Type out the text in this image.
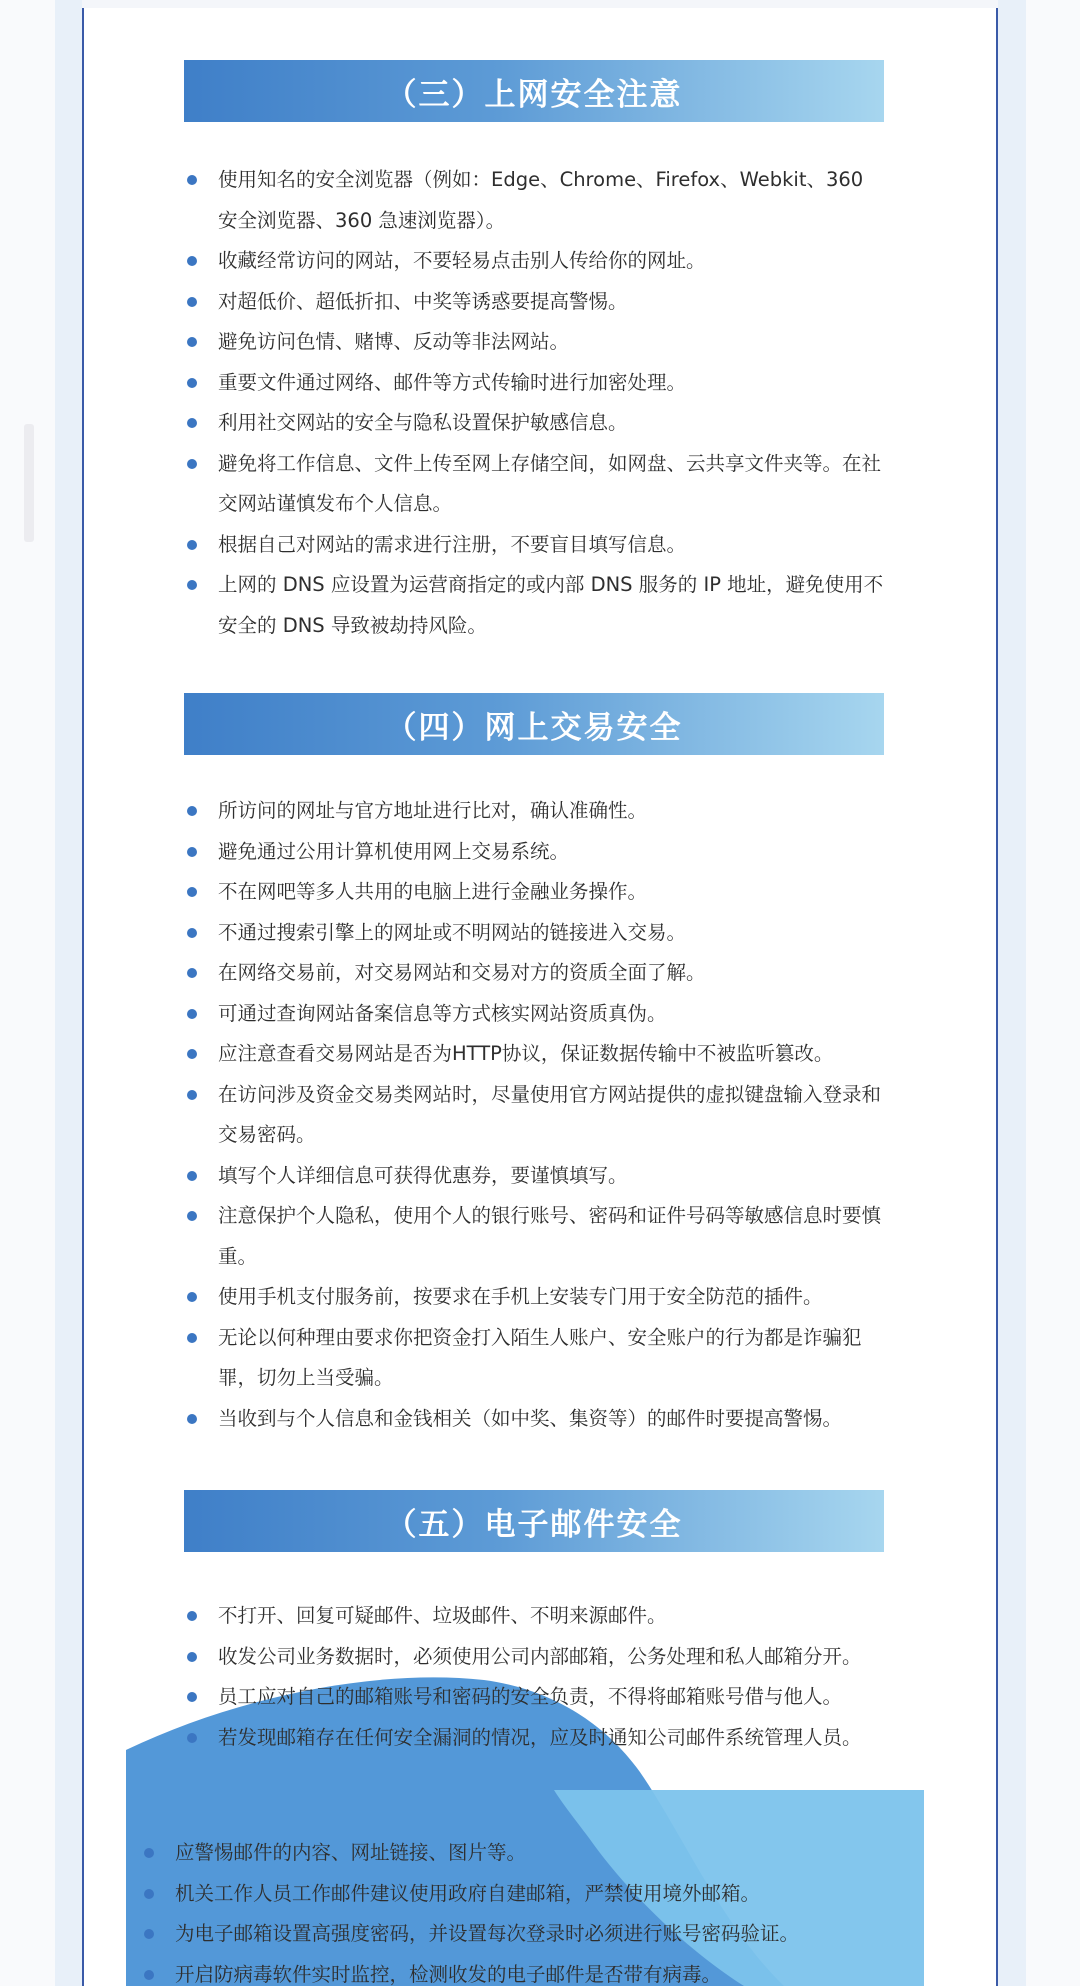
（三）上网安全注意
使用知名的安全浏览器（例如：Edge、Chrome、Firefox、Webkit、360 安全浏览器、360 急速浏览器）。
收藏经常访问的网站，不要轻易点击别人传给你的网址。
对超低价、超低折扣、中奖等诱惑要提高警惕。
避免访问色情、赌博、反动等非法网站。
重要文件通过网络、邮件等方式传输时进行加密处理。
利用社交网站的安全与隐私设置保护敏感信息。
避免将工作信息、文件上传至网上存储空间，如网盘、云共享文件夹等。在社交网站谨慎发布个人信息。
根据自己对网站的需求进行注册，不要盲目填写信息。
上网的 DNS 应设置为运营商指定的或内部 DNS 服务的 IP 地址，避免使用不安全的 DNS 导致被劫持风险。
（四）网上交易安全
所访问的网址与官方地址进行比对，确认准确性。
避免通过公用计算机使用网上交易系统。
不在网吧等多人共用的电脑上进行金融业务操作。
不通过搜索引擎上的网址或不明网站的链接进入交易。
在网络交易前，对交易网站和交易对方的资质全面了解。
可通过查询网站备案信息等方式核实网站资质真伪。
应注意查看交易网站是否为HTTP协议，保证数据传输中不被监听篡改。
在访问涉及资金交易类网站时，尽量使用官方网站提供的虚拟键盘输入登录和交易密码。
填写个人详细信息可获得优惠券，要谨慎填写。
注意保护个人隐私，使用个人的银行账号、密码和证件号码等敏感信息时要慎重。
使用手机支付服务前，按要求在手机上安装专门用于安全防范的插件。
无论以何种理由要求你把资金打入陌生人账户、安全账户的行为都是诈骗犯罪，切勿上当受骗。
当收到与个人信息和金钱相关（如中奖、集资等）的邮件时要提高警惕。
（五）电子邮件安全
不打开、回复可疑邮件、垃圾邮件、不明来源邮件。
收发公司业务数据时，必须使用公司内部邮箱，公务处理和私人邮箱分开。
员工应对自己的邮箱账号和密码的安全负责，不得将邮箱账号借与他人。
若发现邮箱存在任何安全漏洞的情况，应及时通知公司邮件系统管理人员。
应警惕邮件的内容、网址链接、图片等。
机关工作人员工作邮件建议使用政府自建邮箱，严禁使用境外邮箱。
为电子邮箱设置高强度密码，并设置每次登录时必须进行账号密码验证。
开启防病毒软件实时监控，检测收发的电子邮件是否带有病毒。
